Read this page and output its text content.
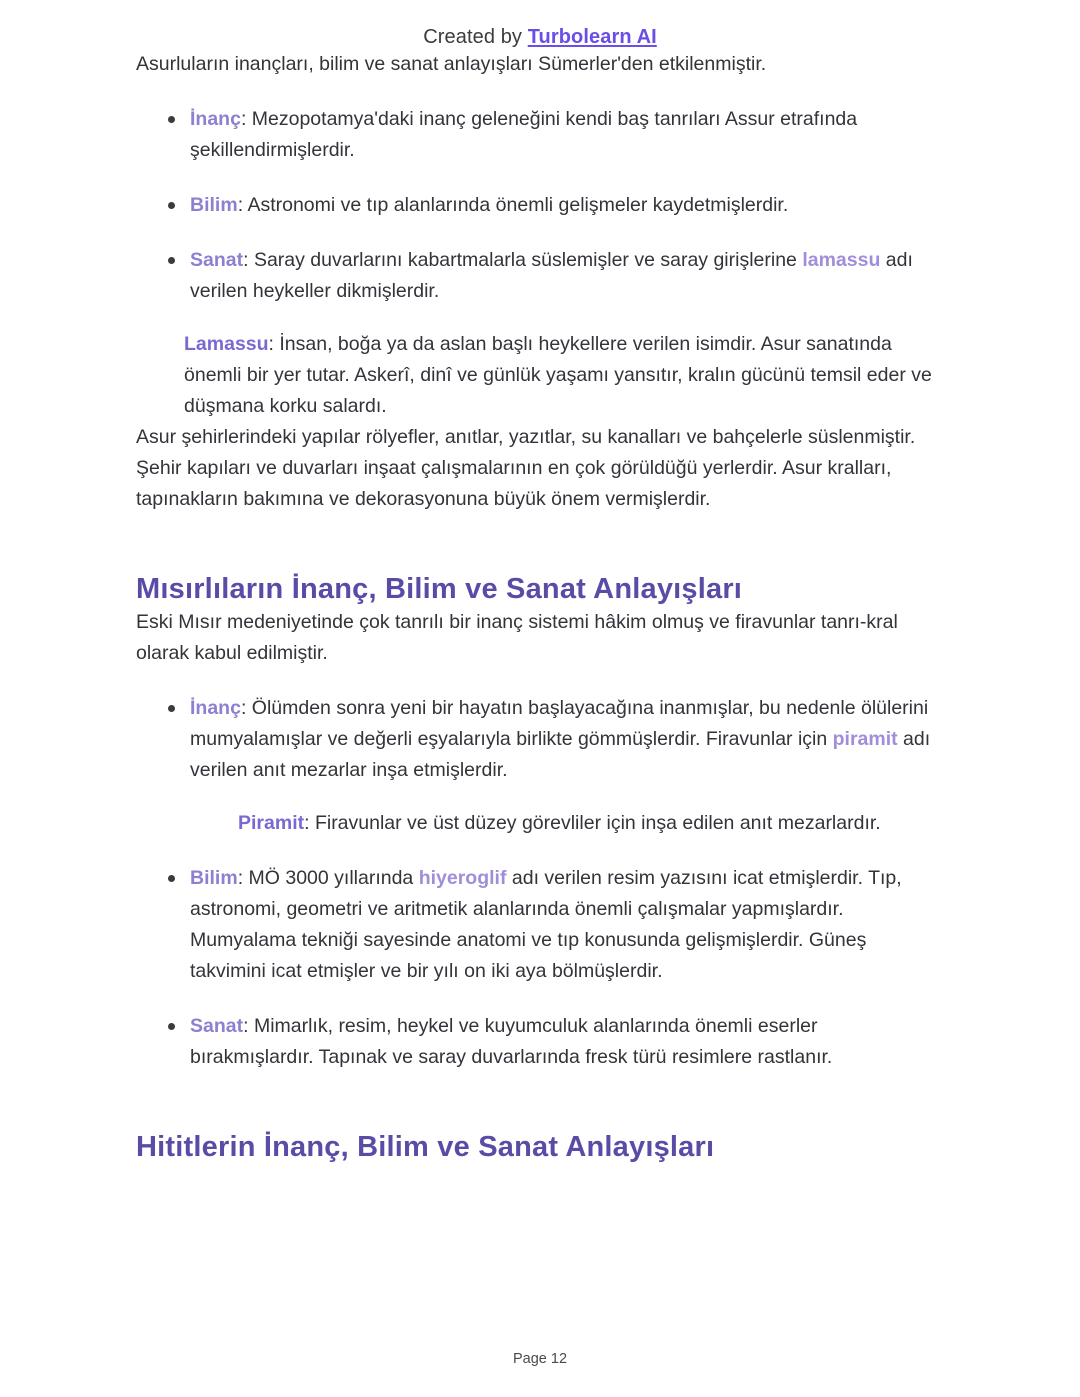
Created by Turbolearn AI

Asurluların inançları, bilim ve sanat anlayışları Sümerler'den etkilenmiştir.

İnanç: Mezopotamya'daki inanç geleneğini kendi baş tanrıları Assur etrafında şekillendirmişlerdir.
Bilim: Astronomi ve tıp alanlarında önemli gelişmeler kaydetmişlerdir.
Sanat: Saray duvarlarını kabartmalarla süslemişler ve saray girişlerine lamassu adı verilen heykeller dikmişlerdir.
Lamassu: İnsan, boğa ya da aslan başlı heykellere verilen isimdir. Asur sanatında önemli bir yer tutar. Askerî, dinî ve günlük yaşamı yansıtır, kralın gücünü temsil eder ve düşmana korku salardı.

Asur şehirlerindeki yapılar rölyefler, anıtlar, yazıtlar, su kanalları ve bahçelerle süslenmiştir. Şehir kapıları ve duvarları inşaat çalışmalarının en çok görüldüğü yerlerdir. Asur kralları, tapınakların bakımına ve dekorasyonuna büyük önem vermişlerdir.

Mısırlıların İnanç, Bilim ve Sanat Anlayışları

Eski Mısır medeniyetinde çok tanrılı bir inanç sistemi hâkim olmuş ve firavunlar tanrı-kral olarak kabul edilmiştir.

İnanç: Ölümden sonra yeni bir hayatın başlayacağına inanmışlar, bu nedenle ölülerini mumyalamışlar ve değerli eşyalarıyla birlikte gömmüşlerdir. Firavunlar için piramit adı verilen anıt mezarlar inşa etmişlerdir.
Piramit: Firavunlar ve üst düzey görevliler için inşa edilen anıt mezarlardır.
Bilim: MÖ 3000 yıllarında hiyeroglif adı verilen resim yazısını icat etmişlerdir. Tıp, astronomi, geometri ve aritmetik alanlarında önemli çalışmalar yapmışlardır. Mumyalama tekniği sayesinde anatomi ve tıp konusunda gelişmişlerdir. Güneş takvimini icat etmişler ve bir yılı on iki aya bölmüşlerdir.
Sanat: Mimarlık, resim, heykel ve kuyumculuk alanlarında önemli eserler bırakmışlardır. Tapınak ve saray duvarlarında fresk türü resimlere rastlanır.
Hititlerin İnanç, Bilim ve Sanat Anlayışları
Page 12
